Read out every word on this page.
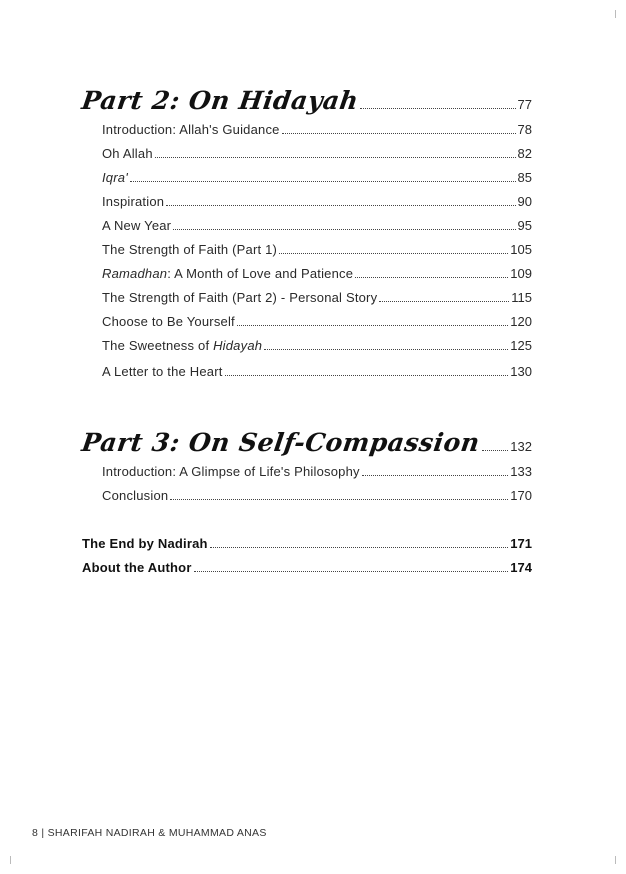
Part 2: On Hidayah	77
Introduction: Allah's Guidance	78
Oh Allah	82
Iqra'	85
Inspiration	90
A New Year	95
The Strength of Faith (Part 1)	105
Ramadhan: A Month of Love and Patience	109
The Strength of Faith (Part 2) - Personal Story	115
Choose to Be Yourself	120
The Sweetness of Hidayah	125
A Letter to the Heart	130
Part 3: On Self-Compassion 132
Introduction: A Glimpse of Life's Philosophy	133
Conclusion	170
The End by Nadirah	171
About the Author	174
8 | SHARIFAH NADIRAH & MUHAMMAD ANAS
